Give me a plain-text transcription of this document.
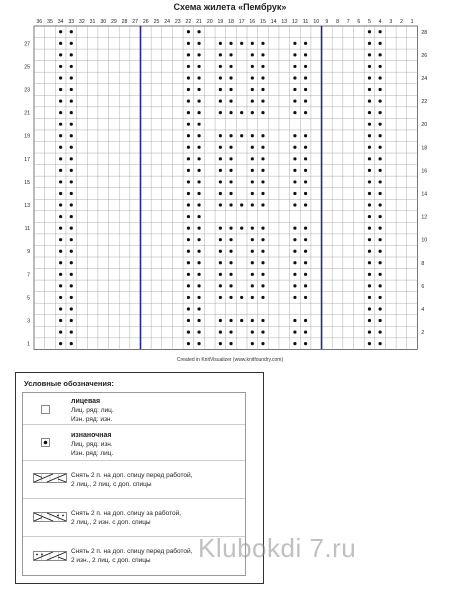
Схема жилета «Пембрук»
36 35 34 33 32 31 30 29 28 27 26 25 24 23 22 21 20 19 18 17 16 15 14 13 12 11 10 9 8 7 6 5 4 3 2 1
28
26
24
22
20
18
16
14
12
10
8
6
4
2
27
25
23
21
19
17
15
13
11
9
7
5
3
1
Created in KnitVisualizer (www.knitfoundry.com)
Условные обозначения:
лицевая
Лиц. ряд: лиц.
Изн. ряд: изн.
изнаночная
Лиц. ряд: изн.
Изн. ряд: лиц.
Снять 2 п. на доп. спицу перед работой,
2 лиц., 2 лиц. с доп. спицы
Снять 2 п. на доп. спицу за работой,
2 лиц., 2 изн. с доп. спицы
Снять 2 п. на доп. спицу перед работой,
2 изн., 2 лиц. с доп. спицы	Klubokdi 7.ru
